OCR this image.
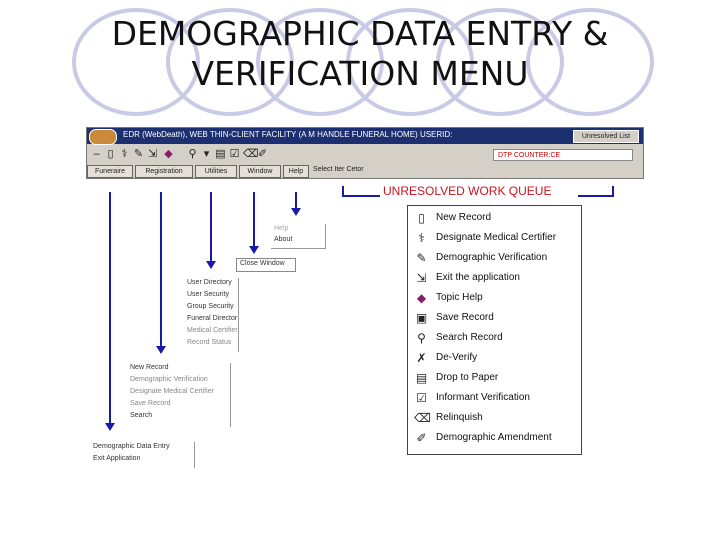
DEMOGRAPHIC DATA ENTRY &
VERIFICATION MENU
EDR (WebDeath), WEB THIN-CLIENT FACILITY (A M HANDLE FUNERAL HOME) USERID:	Unresolved List
– ▯ ⚕ ✎ ⇲ ◆ ⚲ ▾ ▤ ☑ ⌫ ✐	DTP COUNTER:CE
Funeraire	Registration	Utilities	Window	Help	Select Iter Cetor
UNRESOLVED WORK QUEUE
▯	New Record
⚕	Designate Medical Certifier
✎ Demographic Verification
⇲ Exit the application
◆ Topic Help
▣ Save Record
⚲	Search Record
✗ De-Verify
▤ Drop to Paper
☑ Informant Verification
⌫ Relinquish
✐ Demographic Amendment
Help
About
Close Window
User Directory
User Security
Group Security
Funeral Director
Medical Certifier
Record Status
New Record
Demographic Verification
Designate Medical Certifier
Save Record
Search
Demographic Data Entry
Exit Application
